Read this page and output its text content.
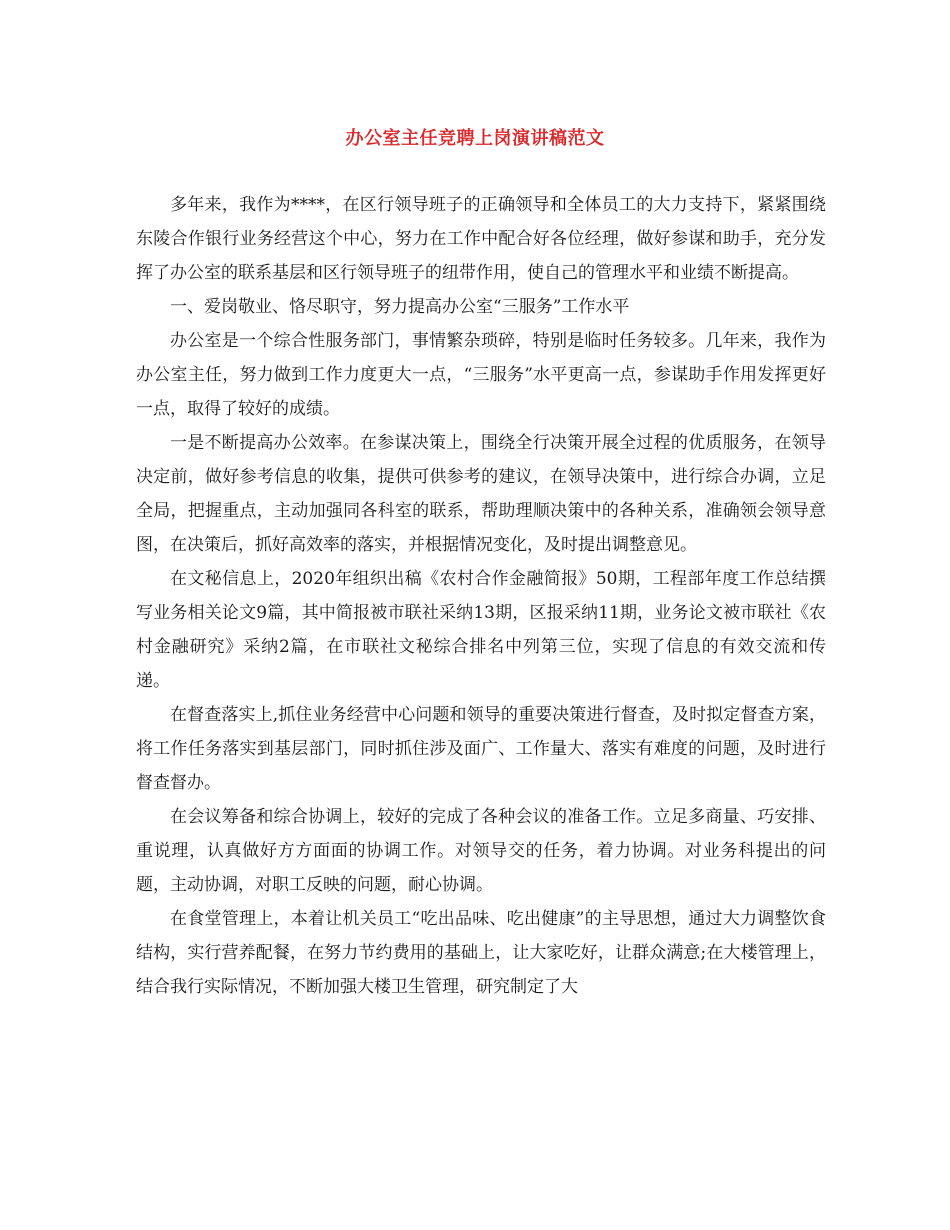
办公室主任竞聘上岗演讲稿范文

多年来，我作为****，在区行领导班子的正确领导和全体员工的大力支持下，紧紧围绕东陵合作银行业务经营这个中心，努力在工作中配合好各位经理，做好参谋和助手，充分发挥了办公室的联系基层和区行领导班子的纽带作用，使自己的管理水平和业绩不断提高。

一、爱岗敬业、恪尽职守，努力提高办公室“三服务”工作水平

办公室是一个综合性服务部门，事情繁杂琐碎，特别是临时任务较多。几年来，我作为办公室主任，努力做到工作力度更大一点，“三服务”水平更高一点，参谋助手作用发挥更好一点，取得了较好的成绩。

一是不断提高办公效率。在参谋决策上，围绕全行决策开展全过程的优质服务，在领导决定前，做好参考信息的收集，提供可供参考的建议，在领导决策中，进行综合办调，立足全局，把握重点，主动加强同各科室的联系，帮助理顺决策中的各种关系，准确领会领导意图，在决策后，抓好高效率的落实，并根据情况变化，及时提出调整意见。

在文秘信息上，2020年组织出稿《农村合作金融简报》50期，工程部年度工作总结撰写业务相关论文9篇，其中简报被市联社采纳13期，区报采纳11期，业务论文被市联社《农村金融研究》采纳2篇，在市联社文秘综合排名中列第三位，实现了信息的有效交流和传递。

在督查落实上,抓住业务经营中心问题和领导的重要决策进行督查，及时拟定督查方案，将工作任务落实到基层部门，同时抓住涉及面广、工作量大、落实有难度的问题，及时进行督查督办。

在会议筹备和综合协调上，较好的完成了各种会议的准备工作。立足多商量、巧安排、重说理，认真做好方方面面的协调工作。对领导交的任务，着力协调。对业务科提出的问题，主动协调，对职工反映的问题，耐心协调。

在食堂管理上，本着让机关员工“吃出品味、吃出健康”的主导思想，通过大力调整饮食结构，实行营养配餐，在努力节约费用的基础上，让大家吃好，让群众满意;在大楼管理上，结合我行实际情况，不断加强大楼卫生管理，研究制定了大
